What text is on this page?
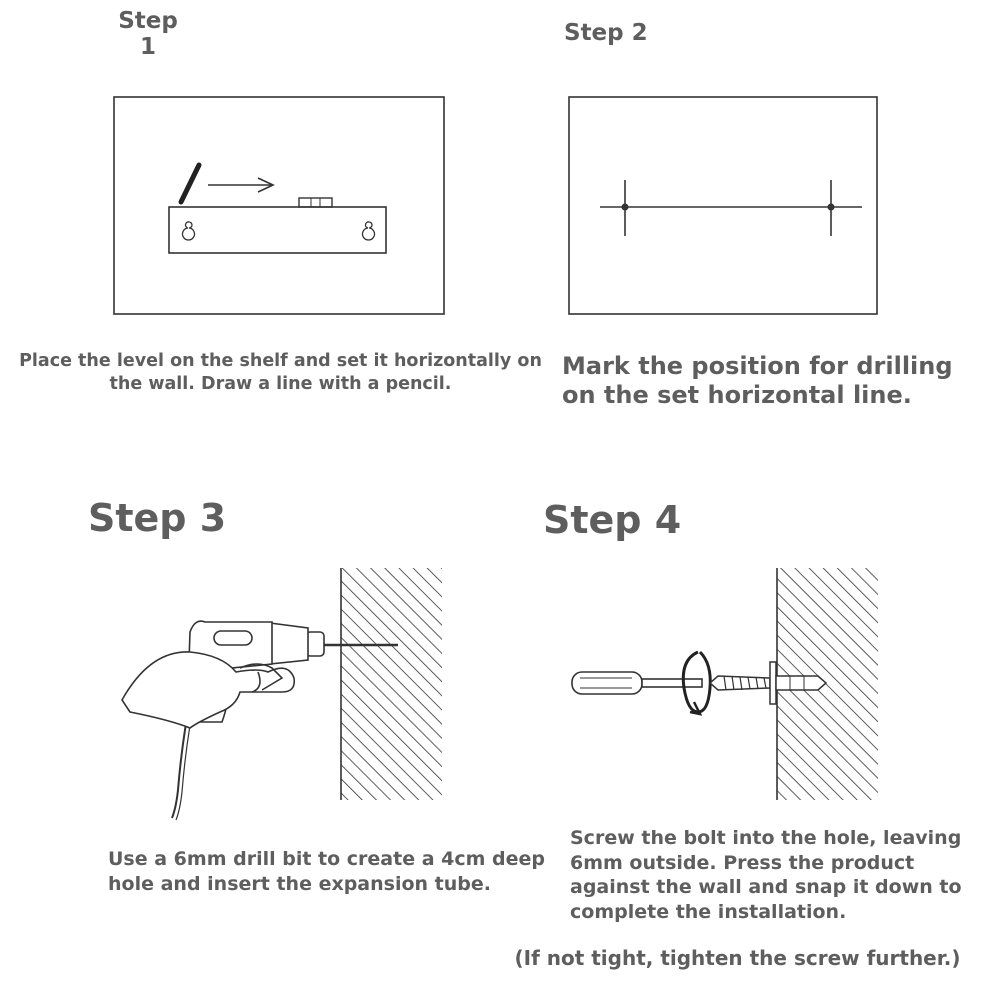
Step
1
Step 2
Step 3	Step 4
Place the level on the shelf and set it horizontally on the wall. Draw a line with a pencil.
Mark the position for drilling on the set horizontal line.
Use a 6mm drill bit to create a 4cm deep hole and insert the expansion tube.
Screw the bolt into the hole, leaving 6mm outside. Press the product against the wall and snap it down to complete the installation.
(If not tight, tighten the screw further.)
